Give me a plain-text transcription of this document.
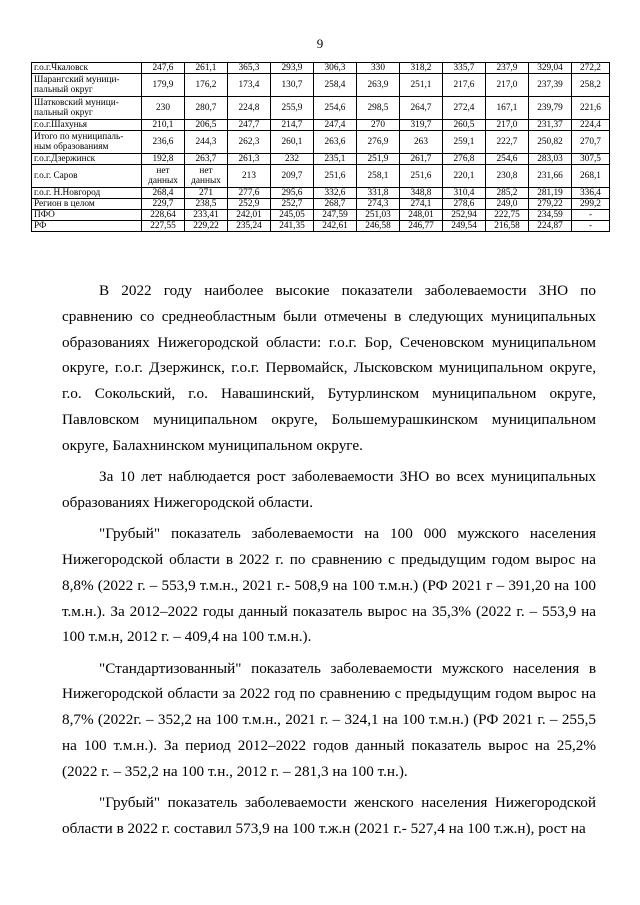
9
г.о.г.Чкаловск	247,6	261,1	365,3	293,9	306,3	330	318,2	335,7	237,9	329,04	272,2
Шарангский муници-пальный округ	179,9	176,2	173,4	130,7	258,4	263,9	251,1	217,6	217,0	237,39	258,2
Шатковский муници-пальный округ	230	280,7	224,8	255,9	254,6	298,5	264,7	272,4	167,1	239,79	221,6
г.о.г.Шахунья	210,1	206,5	247,7	214,7	247,4	270	319,7	260,5	217,0	231,37	224,4
Итого по муниципаль-ным образованиям	236,6	244,3	262,3	260,1	263,6	276,9	263	259,1	222,7	250,82	270,7
г.о.г.Дзержинск	192,8	263,7	261,3	232	235,1	251,9	261,7	276,8	254,6	283,03	307,5
г.о.г. Саров	нет данных	нет данных	213	209,7	251,6	258,1	251,6	220,1	230,8	231,66	268,1
г.о.г. Н.Новгород	268,4	271	277,6	295,6	332,6	331,8	348,8	310,4	285,2	281,19	336,4
Регион в целом	229,7	238,5	252,9	252,7	268,7	274,3	274,1	278,6	249,0	279,22	299,2
ПФО	228,64	233,41	242,01	245,05	247,59	251,03	248,01	252,94	222,75	234,59	-
РФ	227,55	229,22	235,24	241,35	242,61	246,58	246,77	249,54	216,58	224,87	-

В 2022 году наиболее высокие показатели заболеваемости ЗНО по сравнению со среднеобластным были отмечены в следующих муниципальных образованиях Нижегородской области: г.о.г. Бор, Сеченовском муниципальном округе, г.о.г. Дзержинск, г.о.г. Первомайск, Лысковском муниципальном округе, г.о. Сокольский, г.о. Навашинский, Бутурлинском муниципальном округе, Павловском муниципальном округе, Большемурашкинском муниципальном округе, Балахнинском муниципальном округе.

За 10 лет наблюдается рост заболеваемости ЗНО во всех муниципальных образованиях Нижегородской области.

"Грубый" показатель заболеваемости на 100 000 мужского населения Нижегородской области в 2022 г. по сравнению с предыдущим годом вырос на 8,8% (2022 г. – 553,9 т.м.н., 2021 г.- 508,9 на 100 т.м.н.) (РФ 2021 г – 391,20 на 100 т.м.н.). За 2012–2022 годы данный показатель вырос на 35,3% (2022 г. – 553,9 на 100 т.м.н, 2012 г. – 409,4 на 100 т.м.н.).

"Стандартизованный" показатель заболеваемости мужского населения в Нижегородской области за 2022 год по сравнению с предыдущим годом вырос на 8,7% (2022г. – 352,2 на 100 т.м.н., 2021 г. – 324,1 на 100 т.м.н.) (РФ 2021 г. – 255,5 на 100 т.м.н.). За период 2012–2022 годов данный показатель вырос на 25,2% (2022 г. – 352,2 на 100 т.н., 2012 г. – 281,3 на 100 т.н.).

"Грубый" показатель заболеваемости женского населения Нижегородской области в 2022 г. составил 573,9 на 100 т.ж.н (2021 г.- 527,4 на 100 т.ж.н), рост на
